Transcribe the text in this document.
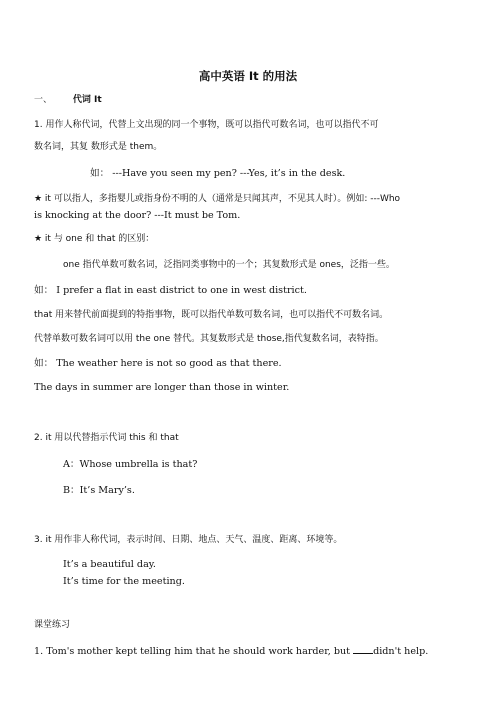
高中英语 It 的用法
一、 代词 It
1. 用作人称代词，代替上文出现的同一个事物，既可以指代可数名词，也可以指代不可
数名词，其复 数形式是 them。
如： ---Have you seen my pen? ---Yes, it’s in the desk.
★ it 可以指人，多指婴儿或指身份不明的人（通常是只闻其声，不见其人时）。例如: ---Who
is knocking at the door? ---It must be Tom.
★ it 与 one 和 that 的区别：
one 指代单数可数名词，泛指同类事物中的一个；其复数形式是 ones，泛指一些。
如： I prefer a flat in east district to one in west district.
that 用来替代前面提到的特指事物，既可以指代单数可数名词，也可以指代不可数名词。
代替单数可数名词可以用 the one 替代。其复数形式是 those,指代复数名词，表特指。
如： The weather here is not so good as that there.
The days in summer are longer than those in winter.
2. it 用以代替指示代词 this 和 that
A：Whose umbrella is that?
B：It’s Mary’s.
3. it 用作非人称代词，表示时间、日期、地点、天气、温度、距离、环境等。
It’s a beautiful day.
It’s time for the meeting.
课堂练习
1. Tom's mother kept telling him that he should work harder, but didn't help.
